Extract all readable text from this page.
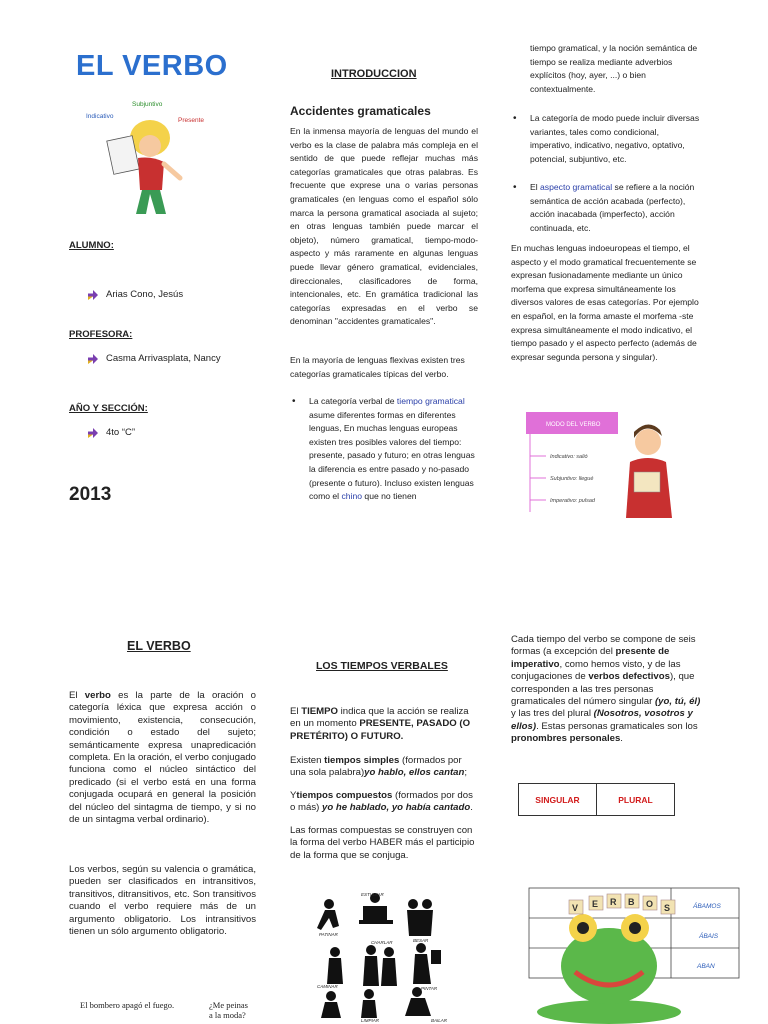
EL VERBO
Subjuntivo
Indicativo
Presente
ALUMNO:
Arias Cono, Jesús
PROFESORA:
Casma Arrivasplata, Nancy
AÑO Y SECCIÓN:
4to “C”
2013
INTRODUCCION
Accidentes gramaticales

En la inmensa mayoría de lenguas del mundo el verbo es la clase de palabra más compleja en el sentido de que puede reflejar muchas más categorías gramaticales que otras palabras. Es frecuente que exprese una o varias personas gramaticales (en lenguas como el español sólo marca la persona gramatical asociada al sujeto; en otras lenguas también puede marcar el objeto), número gramatical, tiempo-modo-aspecto y más raramente en algunas lenguas puede llevar género gramatical, evidenciales, direccionales, clasificadores de forma, intencionales, etc. En gramática tradicional las categorías expresadas en el verbo se denominan "accidentes gramaticales".

En la mayoría de lenguas flexivas existen tres categorías gramaticales típicas del verbo.

• La categoría verbal de tiempo gramatical asume diferentes formas en diferentes lenguas, En muchas lenguas europeas existen tres posibles valores del tiempo: presente, pasado y futuro; en otras lenguas la diferencia es entre pasado y no-pasado (presente o futuro). Incluso existen lenguas como el chino que no tienen

tiempo gramatical, y la noción semántica de tiempo se realiza mediante adverbios explícitos (hoy, ayer, ...) o bien contextualmente.

• La categoría de modo puede incluir diversas variantes, tales como condicional, imperativo, indicativo, negativo, optativo, potencial, subjuntivo, etc.
• El aspecto gramatical se refiere a la noción semántica de acción acabada (perfecto), acción inacabada (imperfecto), acción continuada, etc.

En muchas lenguas indoeuropeas el tiempo, el aspecto y el modo gramatical frecuentemente se expresan fusionadamente mediante un único morfema que expresa simultáneamente los diversos valores de esas categorías. Por ejemplo en español, en la forma amaste el morfema -ste expresa simultáneamente el modo indicativo, el tiempo pasado y el aspecto perfecto (además de expresar segunda persona y singular).

MODO DEL VERBO
Indicativo: salió
Subjuntivo: llegué
Imperativo: pulsad
EL VERBO

El verbo es la parte de la oración o categoría léxica que expresa acción o movimiento, existencia, consecución, condición o estado del sujeto; semánticamente expresa unapredicación completa. En la oración, el verbo conjugado funciona como el núcleo sintáctico del predicado (si el verbo está en una forma conjugada ocupará en general la posición del núcleo del sintagma de tiempo, y si no de un sintagma verbal ordinario).

Los verbos, según su valencia o gramática, pueden ser clasificados en intransitivos, transitivos, ditransitivos, etc. Son transitivos cuando el verbo requiere más de un argumento obligatorio. Los intransitivos tienen un sólo argumento obligatorio.

El bombero apagó el fuego.	¿Me peinas a la moda?
LOS TIEMPOS VERBALES

El TIEMPO indica que la acción se realiza en un momento PRESENTE, PASADO (O PRETÉRITO) O FUTURO.

Existen tiempos simples (formados por una sola palabra)yo hablo, ellos cantan;

Ytiempos compuestos (formados por dos o más) yo he hablado, yo había cantado.

Las formas compuestas se construyen con la forma del verbo HABER más el participio de la forma que se conjuga.

ESTUDIAR
PATINAR
BESAR
CHARLAR
PINTAR
CAMINAR
LIMPIAR	BAILAR

Cada tiempo del verbo se compone de seis formas (a excepción del presente de imperativo, como hemos visto, y de las conjugaciones de verbos defectivos), que corresponden a las tres personas gramaticales del número singular (yo, tú, él) y las tres del plural (Nosotros, vosotros y ellos). Estas personas gramaticales son los pronombres personales.

SINGULAR	PLURAL
ÁBAMOS
ÁBAIS
ABAN
V E R B O S
